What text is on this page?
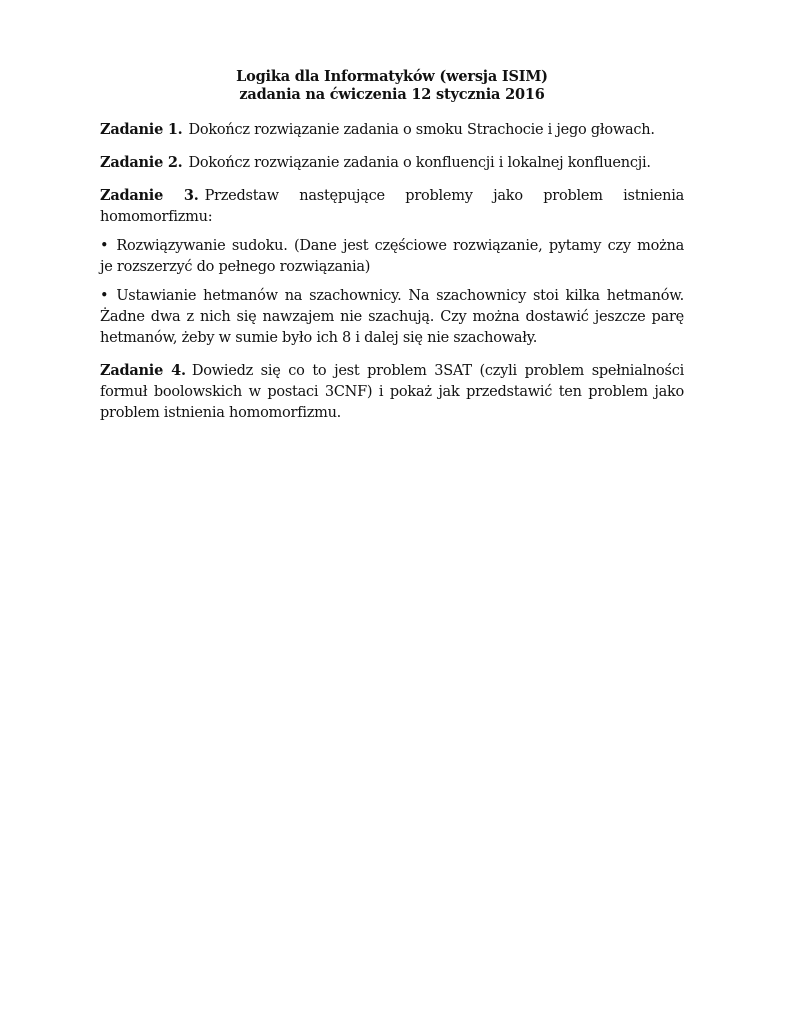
Logika dla Informatyków (wersja ISIM)
zadania na ćwiczenia 12 stycznia 2016

Zadanie 1. Dokończ rozwiązanie zadania o smoku Strachocie i jego głowach.

Zadanie 2. Dokończ rozwiązanie zadania o konfluencji i lokalnej konfluencji.

Zadanie 3. Przedstaw następujące problemy jako problem istnienia homomorfizmu:

• Rozwiązywanie sudoku. (Dane jest częściowe rozwiązanie, pytamy czy można je rozszerzyć do pełnego rozwiązania)

• Ustawianie hetmanów na szachownicy. Na szachownicy stoi kilka hetmanów. Żadne dwa z nich się nawzajem nie szachują. Czy można dostawić jeszcze parę hetmanów, żeby w sumie było ich 8 i dalej się nie szachowały.

Zadanie 4. Dowiedz się co to jest problem 3SAT (czyli problem spełnialności formuł boolowskich w postaci 3CNF) i pokaż jak przedstawić ten problem jako problem istnienia homomorfizmu.
